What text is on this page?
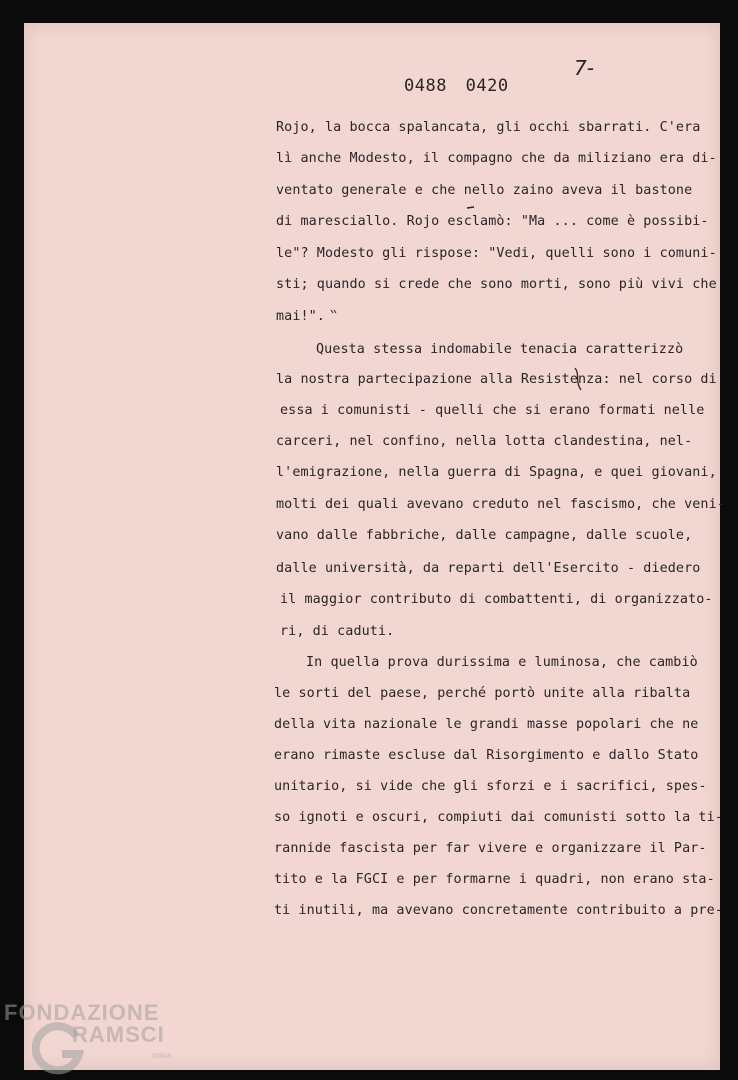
0488 0420
7-
Rojo, la bocca spalancata, gli occhi sbarrati. C'era
lì anche Modesto, il compagno che da miliziano era di-
ventato generale e che nello zaino aveva il bastone
di maresciallo. Rojo esclamò: "Ma ... come è possibi-
le"? Modesto gli rispose: "Vedi, quelli sono i comuni-
sti; quando si crede che sono morti, sono più vivi che
mai!".
Questa stessa indomabile tenacia caratterizzò
la nostra partecipazione alla Resistenza: nel corso di
essa i comunisti - quelli che si erano formati nelle
carceri, nel confino, nella lotta clandestina, nel-
l'emigrazione, nella guerra di Spagna, e quei giovani,
molti dei quali avevano creduto nel fascismo, che veni-
vano dalle fabbriche, dalle campagne, dalle scuole,
dalle università, da reparti dell'Esercito - diedero
il maggior contributo di combattenti, di organizzato-
ri, di caduti.
In quella prova durissima e luminosa, che cambiò
le sorti del paese, perché portò unite alla ribalta
della vita nazionale le grandi masse popolari che ne
erano rimaste escluse dal Risorgimento e dallo Stato
unitario, si vide che gli sforzi e i sacrifici, spes-
so ignoti e oscuri, compiuti dai comunisti sotto la ti-
rannide fascista per far vivere e organizzare il Par-
tito e la FGCI e per formarne i quadri, non erano sta-
ti inutili, ma avevano concretamente contribuito a pre-
FONDAZIONE
RAMSCI
onlus
